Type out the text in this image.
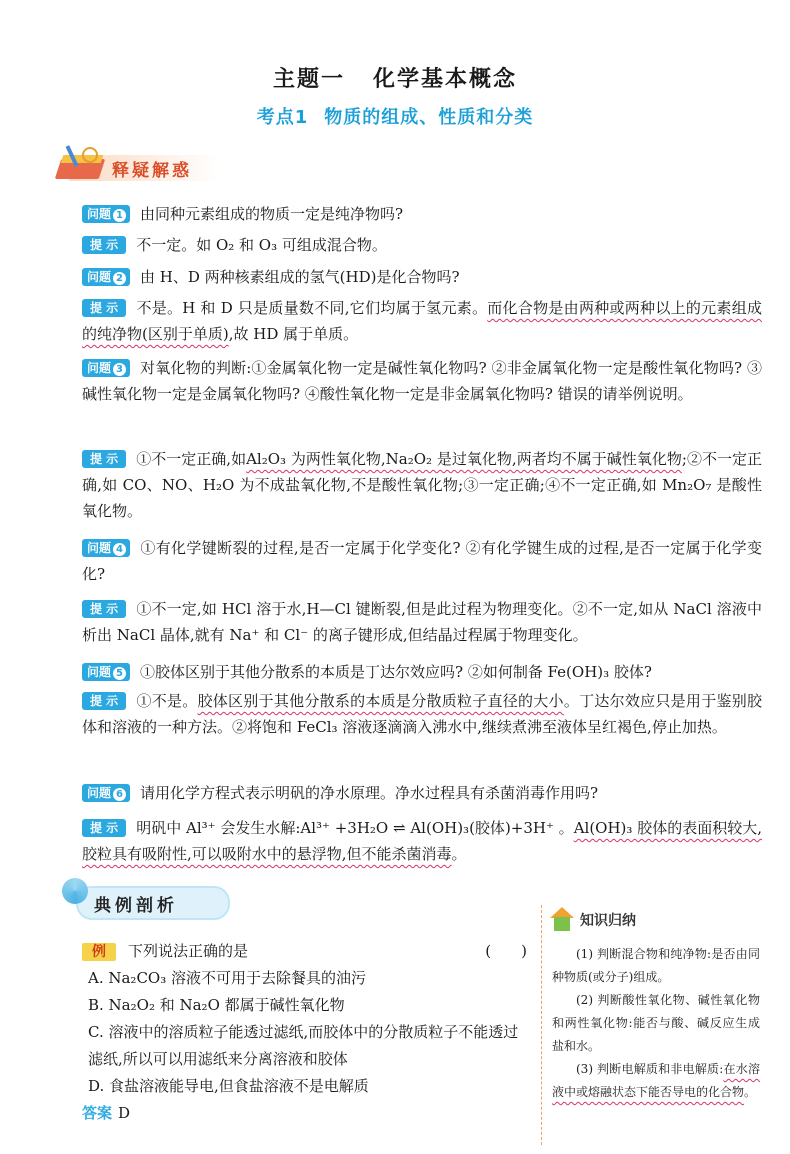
主题一 化学基本概念
考点1 物质的组成、性质和分类
释疑解惑
问题 1 由同种元素组成的物质一定是纯净物吗?
提 示 不一定。如 O₂ 和 O₃ 可组成混合物。
问题 2 由 H、D 两种核素组成的氢气(HD)是化合物吗?
提 示 不是。H 和 D 只是质量数不同,它们均属于氢元素。而化合物是由两种或两种以上的元素组成的纯净物(区别于单质),故 HD 属于单质。
问题 3 对氧化物的判断:①金属氧化物一定是碱性氧化物吗? ②非金属氧化物一定是酸性氧化物吗? ③碱性氧化物一定是金属氧化物吗? ④酸性氧化物一定是非金属氧化物吗? 错误的请举例说明。
提 示 ①不一定正确,如Al₂O₃ 为两性氧化物,Na₂O₂ 是过氧化物,两者均不属于碱性氧化物;②不一定正确,如 CO、NO、H₂O 为不成盐氧化物,不是酸性氧化物;③一定正确;④不一定正确,如 Mn₂O₇ 是酸性氧化物。
问题 4 ①有化学键断裂的过程,是否一定属于化学变化? ②有化学键生成的过程,是否一定属于化学变化?
提 示 ①不一定,如 HCl 溶于水,H—Cl 键断裂,但是此过程为物理变化。②不一定,如从 NaCl 溶液中析出 NaCl 晶体,就有 Na⁺ 和 Cl⁻ 的离子键形成,但结晶过程属于物理变化。
问题 5 ①胶体区别于其他分散系的本质是丁达尔效应吗? ②如何制备 Fe(OH)₃ 胶体?
提 示 ①不是。胶体区别于其他分散系的本质是分散质粒子直径的大小。丁达尔效应只是用于鉴别胶体和溶液的一种方法。②将饱和 FeCl₃ 溶液逐滴滴入沸水中,继续煮沸至液体呈红褐色,停止加热。
问题 6 请用化学方程式表示明矾的净水原理。净水过程具有杀菌消毒作用吗?
提 示 明矾中 Al³⁺ 会发生水解:Al³⁺ +3H₂O ⇌ Al(OH)₃(胶体)+3H⁺ 。Al(OH)₃ 胶体的表面积较大,胶粒具有吸附性,可以吸附水中的悬浮物,但不能杀菌消毒。
典例剖析
例 下列说法正确的是	(　　)
A. Na₂CO₃ 溶液不可用于去除餐具的油污
B. Na₂O₂ 和 Na₂O 都属于碱性氧化物
C. 溶液中的溶质粒子能透过滤纸,而胶体中的分散质粒子不能透过滤纸,所以可以用滤纸来分离溶液和胶体
D. 食盐溶液能导电,但食盐溶液不是电解质
答案 D
知识归纳

(1) 判断混合物和纯净物:是否由同种物质(或分子)组成。

(2) 判断酸性氧化物、碱性氧化物和两性氧化物:能否与酸、碱反应生成盐和水。

(3) 判断电解质和非电解质:在水溶液中或熔融状态下能否导电的化合物。
